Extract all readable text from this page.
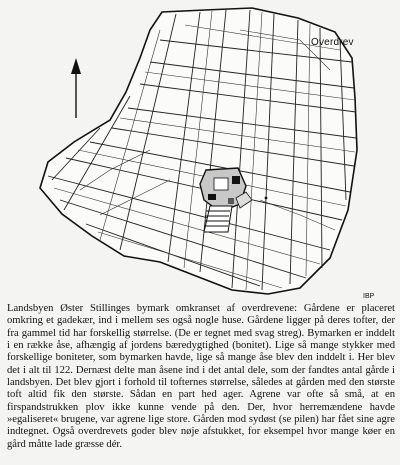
Overdrev
IBP

Landsbyen Øster Stillinges bymark omkranset af overdrevene: Gårdene er placeret omkring et gadekær, ind i mellem ses også nogle huse. Gårdene ligger på deres tofter, der fra gammel tid har forskellig størrelse. (De er tegnet med svag streg). Bymarken er inddelt i en række åse, afhængig af jordens bæredygtighed (bonitet). Lige så mange stykker med forskellige boniteter, som bymarken havde, lige så mange åse blev den inddelt i. Her blev det i alt til 122. Dernæst delte man åsene ind i det antal dele, som der fandtes antal gårde i landsbyen. Det blev gjort i forhold til tofternes størrelse, således at gården med den største toft altid fik den største. Sådan en part hed ager. Agrene var ofte så små, at en firspandstrukken plov ikke kunne vende på den. Der, hvor herremændene havde »egaliseret« brugene, var agrene lige store. Gården mod sydøst (se pilen) har fået sine agre indtegnet. Også overdrevets goder blev nøje afstukket, for eksempel hvor mange køer en gård måtte lade græsse dér.
